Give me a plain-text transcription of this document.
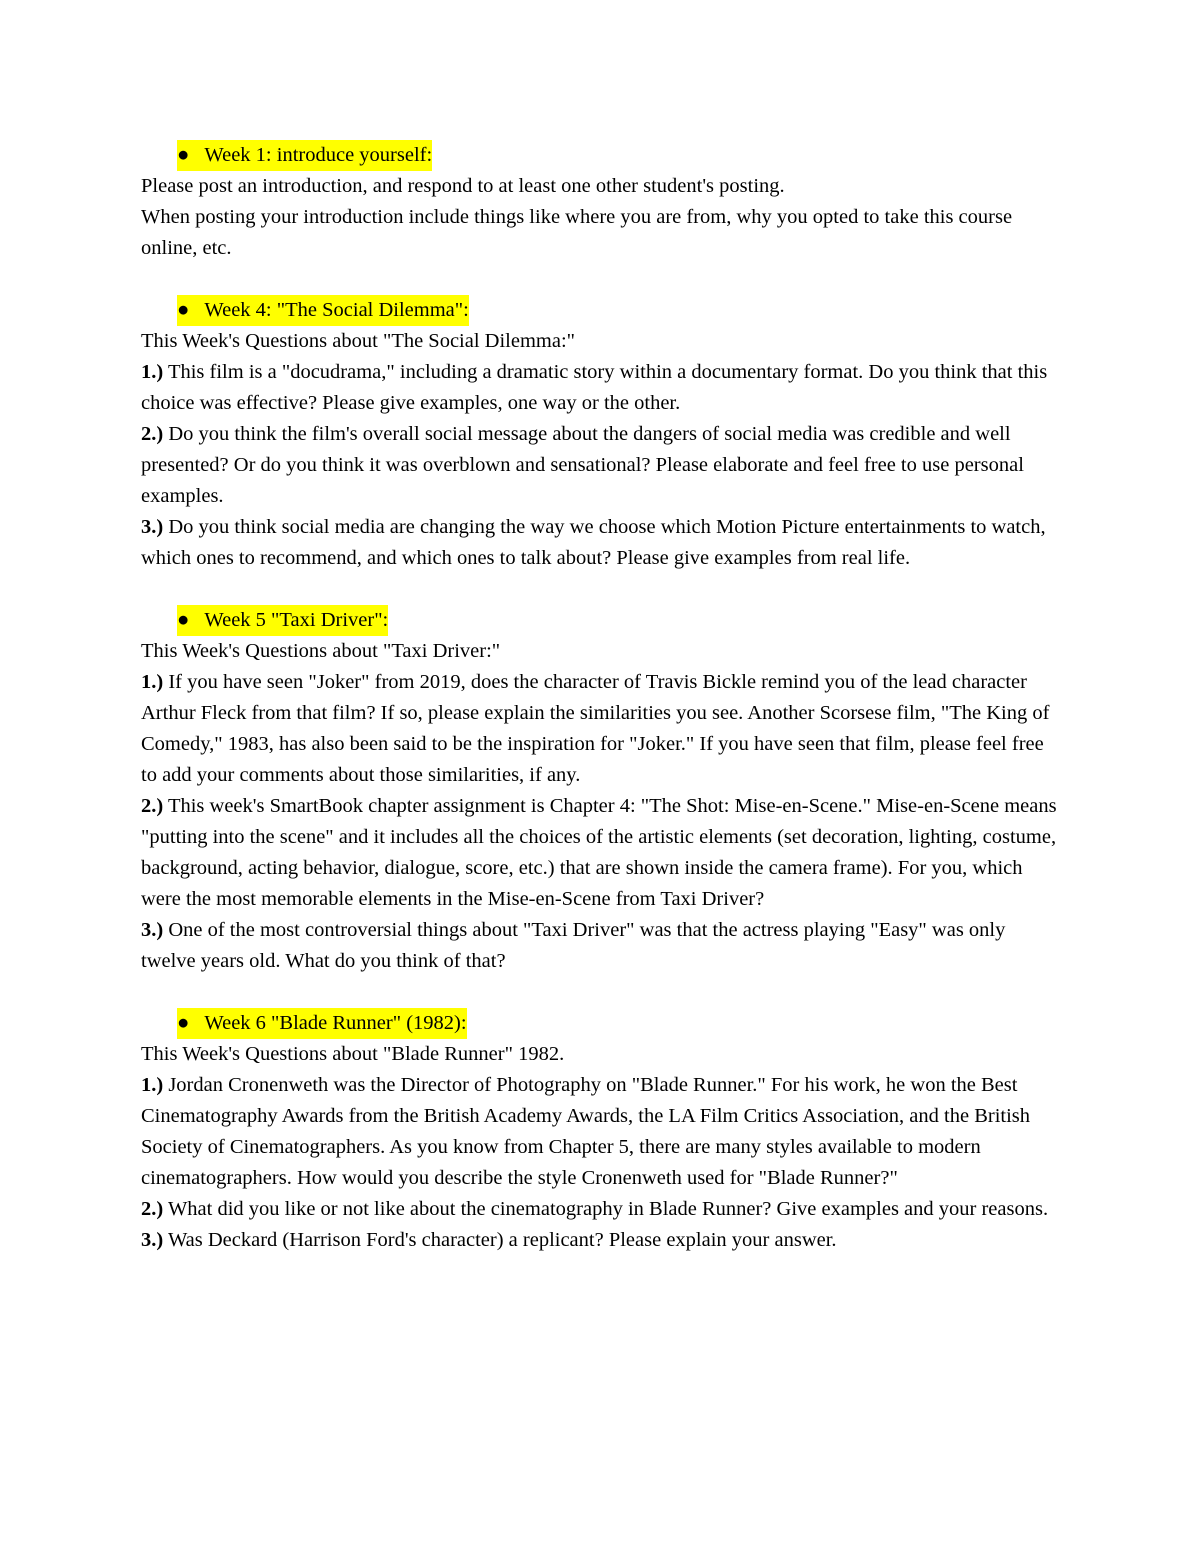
● Week 1: introduce yourself:

Please post an introduction, and respond to at least one other student's posting.

When posting your introduction include things like where you are from, why you opted to take this course online, etc.

● Week 4: "The Social Dilemma":

This Week's Questions about "The Social Dilemma:"

1.) This film is a "docudrama," including a dramatic story within a documentary format. Do you think that this choice was effective? Please give examples, one way or the other.

2.) Do you think the film's overall social message about the dangers of social media was credible and well presented? Or do you think it was overblown and sensational? Please elaborate and feel free to use personal examples.

3.) Do you think social media are changing the way we choose which Motion Picture entertainments to watch, which ones to recommend, and which ones to talk about? Please give examples from real life.

● Week 5 "Taxi Driver":

This Week's Questions about "Taxi Driver:"

1.) If you have seen "Joker" from 2019, does the character of Travis Bickle remind you of the lead character Arthur Fleck from that film? If so, please explain the similarities you see. Another Scorsese film, "The King of Comedy," 1983, has also been said to be the inspiration for "Joker." If you have seen that film, please feel free to add your comments about those similarities, if any.

2.) This week's SmartBook chapter assignment is Chapter 4: "The Shot: Mise-en-Scene." Mise-en-Scene means "putting into the scene" and it includes all the choices of the artistic elements (set decoration, lighting, costume, background, acting behavior, dialogue, score, etc.) that are shown inside the camera frame). For you, which were the most memorable elements in the Mise-en-Scene from Taxi Driver?

3.) One of the most controversial things about "Taxi Driver" was that the actress playing "Easy" was only twelve years old. What do you think of that?

● Week 6 "Blade Runner" (1982):

This Week's Questions about "Blade Runner" 1982.

1.) Jordan Cronenweth was the Director of Photography on "Blade Runner." For his work, he won the Best Cinematography Awards from the British Academy Awards, the LA Film Critics Association, and the British Society of Cinematographers. As you know from Chapter 5, there are many styles available to modern cinematographers. How would you describe the style Cronenweth used for "Blade Runner?"

2.) What did you like or not like about the cinematography in Blade Runner? Give examples and your reasons.

3.) Was Deckard (Harrison Ford's character) a replicant? Please explain your answer.
